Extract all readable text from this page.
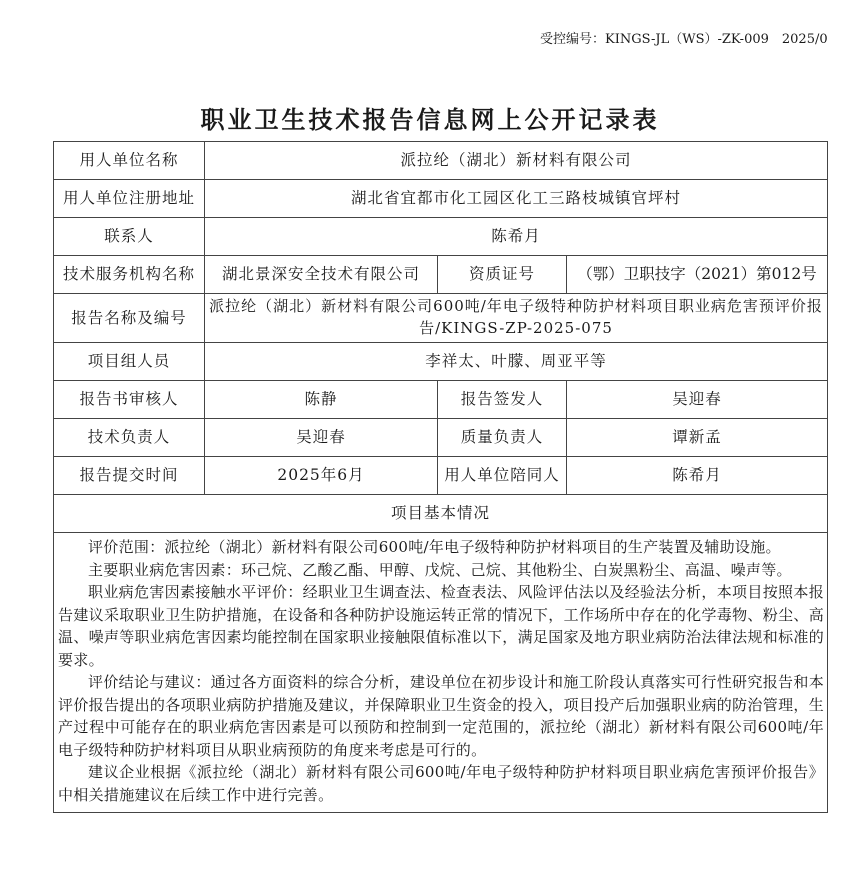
受控编号：KINGS-JL（WS）-ZK-009　2025/0
职业卫生技术报告信息网上公开记录表
用人单位名称	派拉纶（湖北）新材料有限公司		
用人单位注册地址	湖北省宜都市化工园区化工三路枝城镇官坪村		
联系人	陈希月		
技术服务机构名称	湖北景深安全技术有限公司	资质证号	（鄂）卫职技字（2021）第012号
报告名称及编号	派拉纶（湖北）新材料有限公司600吨/年电子级特种防护材料项目职业病危害预评价报告/KINGS-ZP-2025-075		
项目组人员	李祥太、叶朦、周亚平等		
报告书审核人	陈静	报告签发人	吴迎春
技术负责人	吴迎春	质量负责人	谭新孟
报告提交时间	2025年6月	用人单位陪同人	陈希月
项目基本情况			

评价范围：派拉纶（湖北）新材料有限公司600吨/年电子级特种防护材料项目的生产装置及辅助设施。

主要职业病危害因素：环己烷、乙酸乙酯、甲醇、戊烷、己烷、其他粉尘、白炭黑粉尘、高温、噪声等。

职业病危害因素接触水平评价：经职业卫生调查法、检查表法、风险评估法以及经验法分析，本项目按照本报告建议采取职业卫生防护措施，在设备和各种防护设施运转正常的情况下，工作场所中存在的化学毒物、粉尘、高温、噪声等职业病危害因素均能控制在国家职业接触限值标准以下，满足国家及地方职业病防治法律法规和标准的要求。

评价结论与建议：通过各方面资料的综合分析，建设单位在初步设计和施工阶段认真落实可行性研究报告和本评价报告提出的各项职业病防护措施及建议，并保障职业卫生资金的投入，项目投产后加强职业病的防治管理，生产过程中可能存在的职业病危害因素是可以预防和控制到一定范围的，派拉纶（湖北）新材料有限公司600吨/年电子级特种防护材料项目从职业病预防的角度来考虑是可行的。

建议企业根据《派拉纶（湖北）新材料有限公司600吨/年电子级特种防护材料项目职业病危害预评价报告》中相关措施建议在后续工作中进行完善。			
